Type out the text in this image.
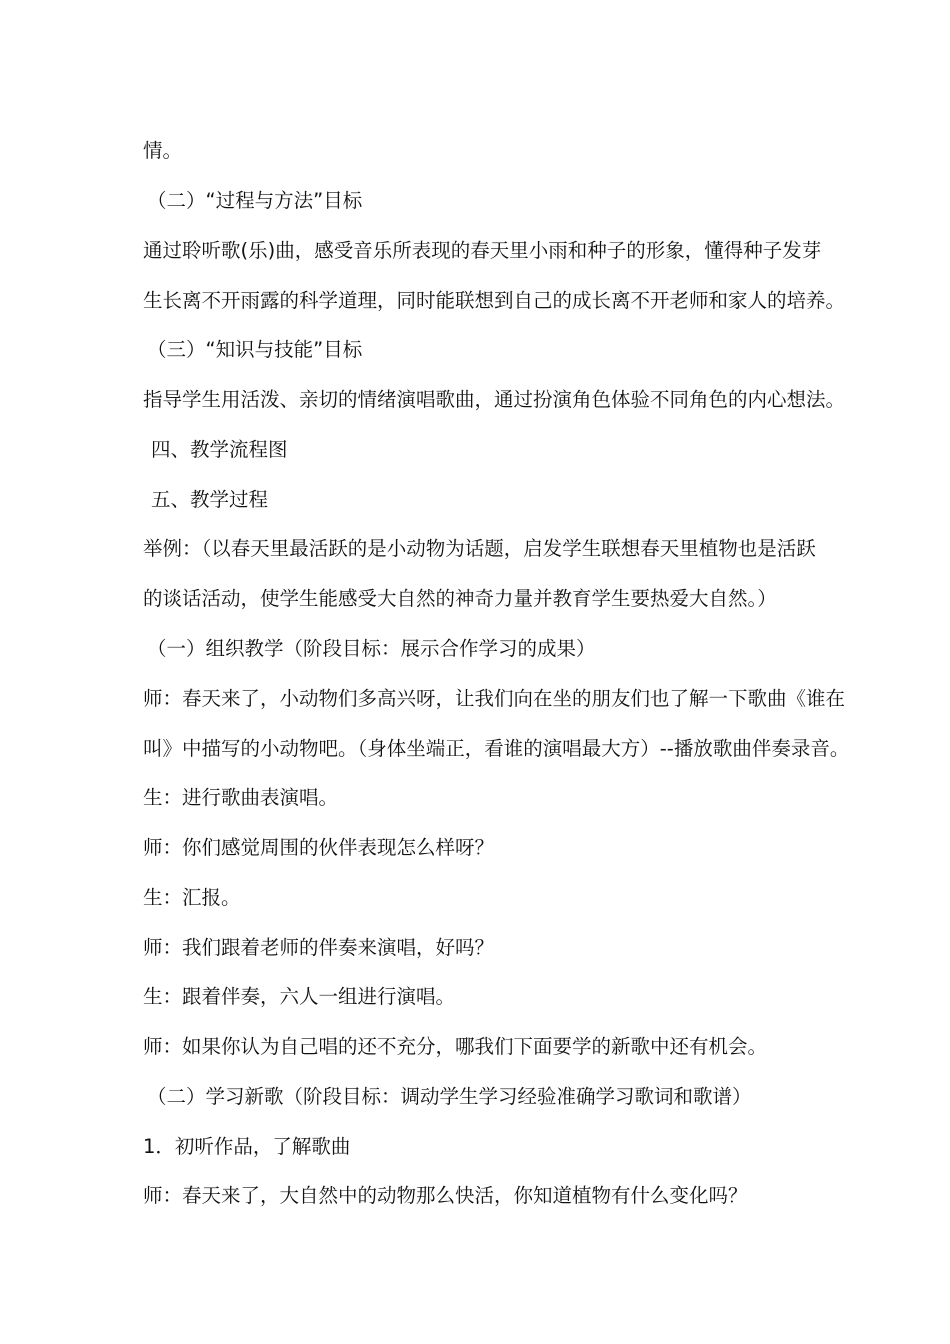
情。
（二）“过程与方法”目标
通过聆听歌(乐)曲，感受音乐所表现的春天里小雨和种子的形象，懂得种子发芽
生长离不开雨露的科学道理，同时能联想到自己的成长离不开老师和家人的培养。
（三）“知识与技能”目标
指导学生用活泼、亲切的情绪演唱歌曲，通过扮演角色体验不同角色的内心想法。
四、教学流程图
五、教学过程
举例：（以春天里最活跃的是小动物为话题，启发学生联想春天里植物也是活跃
的谈话活动，使学生能感受大自然的神奇力量并教育学生要热爱大自然。）
（一）组织教学（阶段目标：展示合作学习的成果）
师：春天来了，小动物们多高兴呀，让我们向在坐的朋友们也了解一下歌曲《谁在
叫》中描写的小动物吧。（身体坐端正，看谁的演唱最大方）--播放歌曲伴奏录音。
生：进行歌曲表演唱。
师：你们感觉周围的伙伴表现怎么样呀？
生：汇报。
师：我们跟着老师的伴奏来演唱，好吗？
生：跟着伴奏，六人一组进行演唱。
师：如果你认为自己唱的还不充分，哪我们下面要学的新歌中还有机会。
（二）学习新歌（阶段目标：调动学生学习经验准确学习歌词和歌谱）
1．初听作品，了解歌曲
师：春天来了，大自然中的动物那么快活，你知道植物有什么变化吗？
